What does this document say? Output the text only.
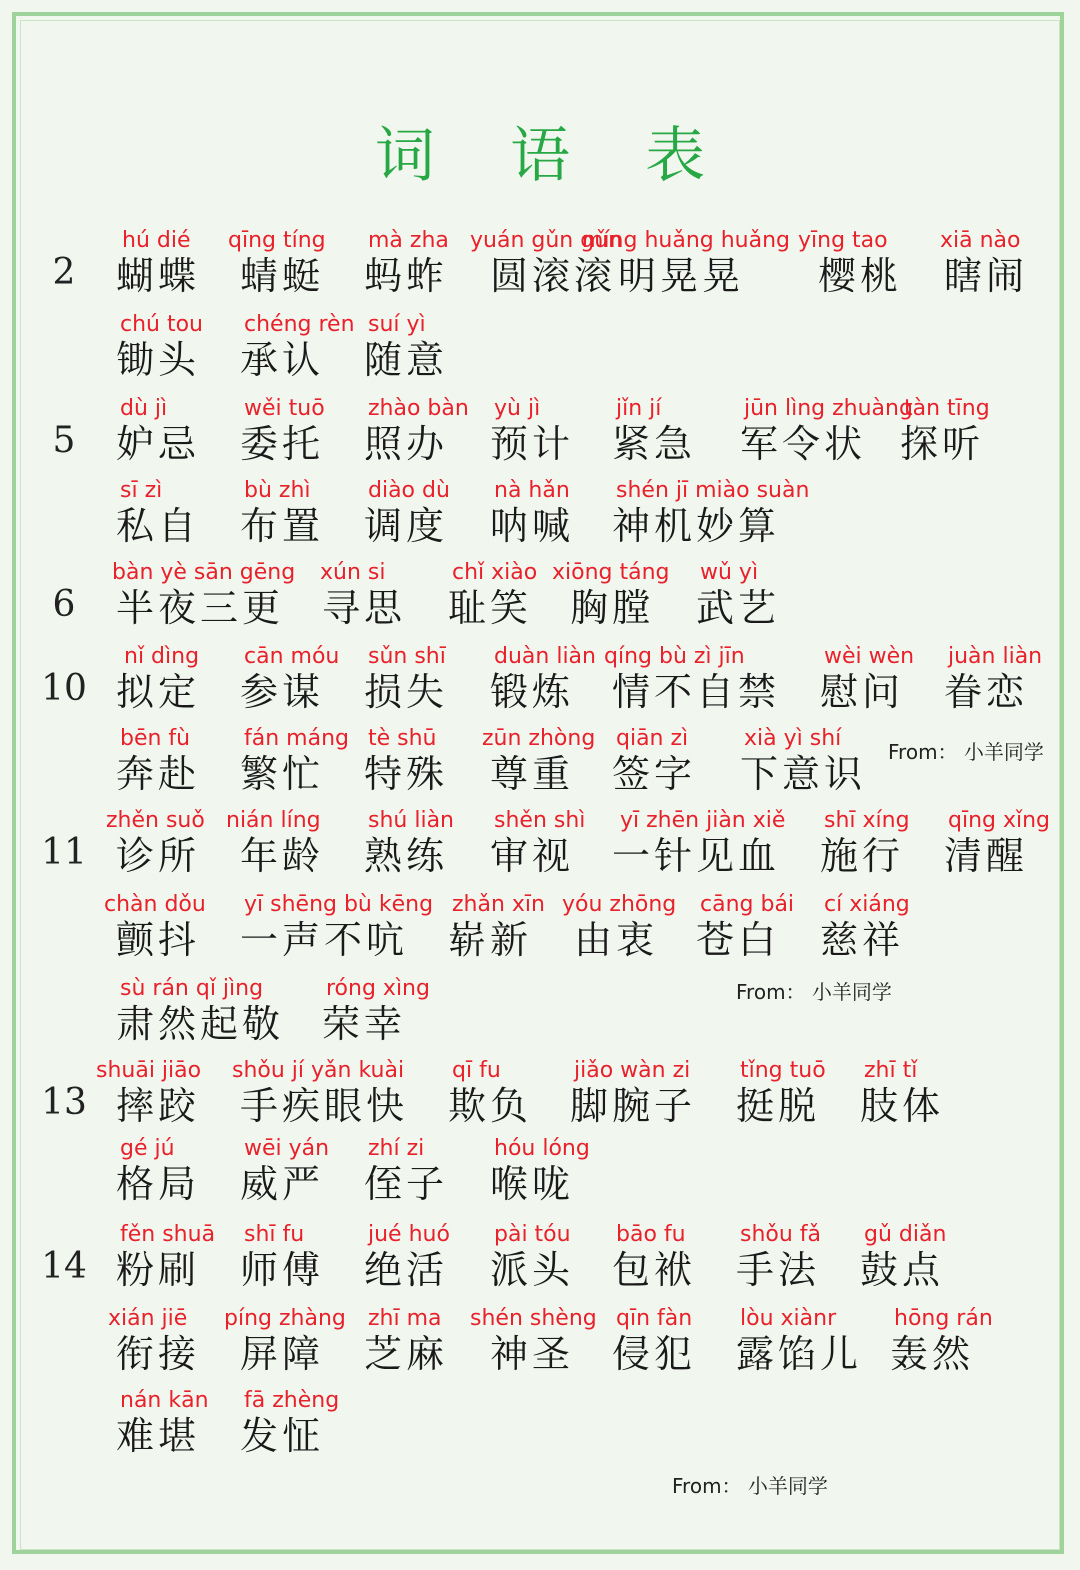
词 语 表
2
hú dié
蝴蝶
qīng tíng
蜻蜓
mà zha
蚂蚱
yuán gǔn gǔn
圆滚滚
míng huǎng huǎng
明晃晃
yīng tao
樱桃
xiā nào
瞎闹
chú tou
锄头
chéng rèn
承认
suí yì
随意
5
dù jì
妒忌
wěi tuō
委托
zhào bàn
照办
yù jì
预计
jǐn jí
紧急
jūn lìng zhuàng
军令状
tàn tīng
探听
sī zì
私自
bù zhì
布置
diào dù
调度
nà hǎn
呐喊
shén jī miào suàn
神机妙算
6
bàn yè sān gēng
半夜三更
xún si
寻思
chǐ xiào
耻笑
xiōng táng
胸膛
wǔ yì
武艺
10
nǐ dìng
拟定
cān móu
参谋
sǔn shī
损失
duàn liàn
锻炼
qíng bù zì jīn
情不自禁
wèi wèn
慰问
juàn liàn
眷恋
bēn fù
奔赴
fán máng
繁忙
tè shū
特殊
zūn zhòng
尊重
qiān zì
签字
xià yì shí
下意识
11
zhěn suǒ
诊所
nián líng
年龄
shú liàn
熟练
shěn shì
审视
yī zhēn jiàn xiě
一针见血
shī xíng
施行
qīng xǐng
清醒
chàn dǒu
颤抖
yī shēng bù kēng
一声不吭
zhǎn xīn
崭新
yóu zhōng
由衷
cāng bái
苍白
cí xiáng
慈祥
sù rán qǐ jìng
肃然起敬
róng xìng
荣幸
13
shuāi jiāo
摔跤
shǒu jí yǎn kuài
手疾眼快
qī fu
欺负
jiǎo wàn zi
脚腕子
tǐng tuō
挺脱
zhī tǐ
肢体
gé jú
格局
wēi yán
威严
zhí zi
侄子
hóu lóng
喉咙
14
fěn shuā
粉刷
shī fu
师傅
jué huó
绝活
pài tóu
派头
bāo fu
包袱
shǒu fǎ
手法
gǔ diǎn
鼓点
xián jiē
衔接
píng zhàng
屏障
zhī ma
芝麻
shén shèng
神圣
qīn fàn
侵犯
lòu xiànr
露馅儿
hōng rán
轰然
nán kān
难堪
fā zhèng
发怔
From： 小羊同学
From： 小羊同学
From： 小羊同学
